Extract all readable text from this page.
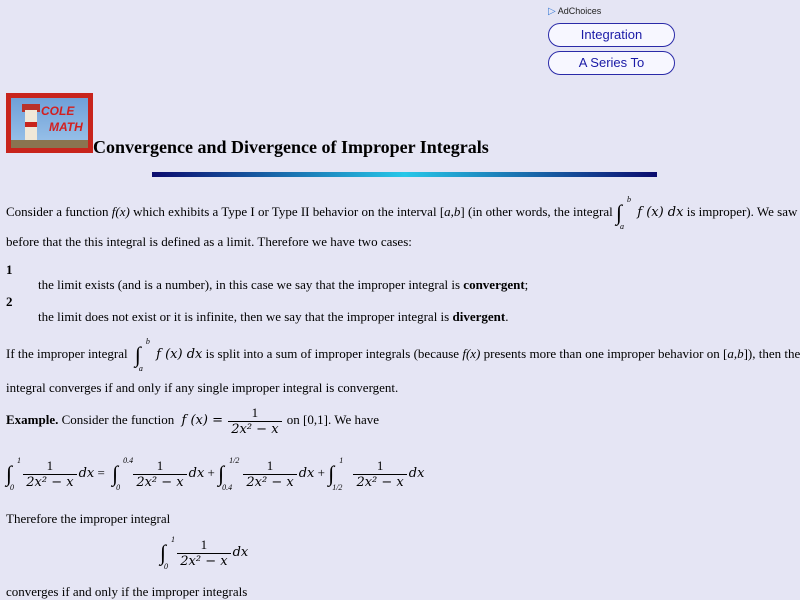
▷ AdChoices
Integration
A Series To
COLE
MATH
Convergence and Divergence of Improper Integrals
Consider a function f(x) which exhibits a Type I or Type II behavior on the interval [a,b] (in other words, the integral ∫
b
a
f (x) dx is improper). We saw
before that the this integral is defined as a limit. Therefore we have two cases:
1
the limit exists (and is a number), in this case we say that the improper integral is convergent;
2
the limit does not exist or it is infinite, then we say that the improper integral is divergent.
If the improper integral ∫
b
a
f (x) dx is split into a sum of improper integrals (because f(x) presents more than one improper behavior on [a,b]), then the
integral converges if and only if any single improper integral is convergent.
Example. Consider the function f $(x) = \frac{1}{\text{2x² − x}}$ on [0,1]. We have
∫
1
0
$\frac{1}{\text{2x² − x}}$ dx = ∫
0.4
0
$\frac{1}{\text{2x² − x}}$ dx + ∫
1/2
0.4
$\frac{1}{\text{2x² − x}}$ dx + ∫
1
1/2
$\frac{1}{\text{2x² − x}}$ dx
Therefore the improper integral
∫
1
0
$\frac{1}{\text{2x² − x}}$ dx
converges if and only if the improper integrals
